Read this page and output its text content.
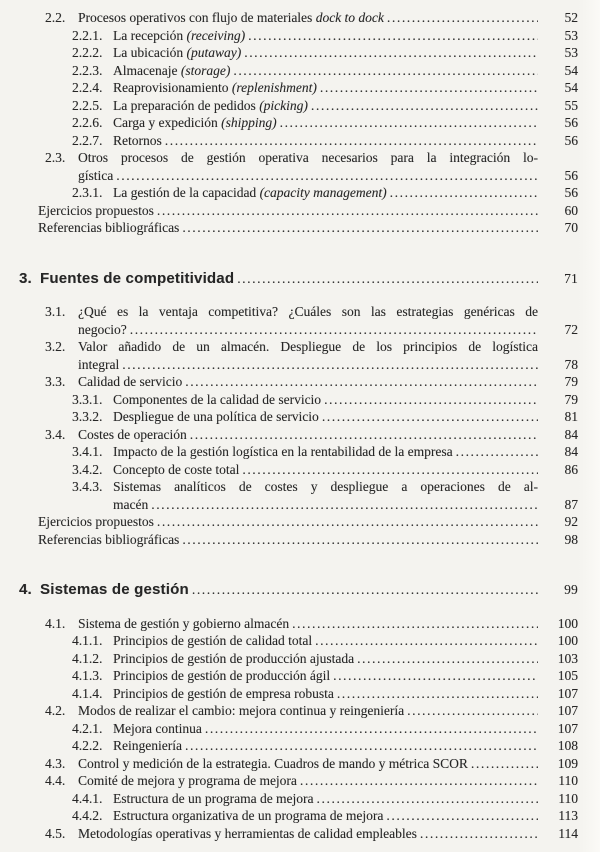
2.2. Procesos operativos con flujo de materiales dock to dock .....	52
2.2.1. La recepción (receiving) .....	53
2.2.2. La ubicación (putaway) .....	53
2.2.3. Almacenaje (storage) .....	54
2.2.4. Reaprovisionamiento (replenishment) .....	54
2.2.5. La preparación de pedidos (picking) .....	55
2.2.6. Carga y expedición (shipping) .....	56
2.2.7. Retornos .....	56
2.3. Otros procesos de gestión operativa necesarios para la integración lo-
gística .....	56
2.3.1. La gestión de la capacidad (capacity management) .....	56
Ejercicios propuestos .....	60
Referencias bibliográficas .....	70
3. Fuentes de competitividad .....	71
3.1. ¿Qué es la ventaja competitiva? ¿Cuáles son las estrategias genéricas de
negocio? .....	72
3.2. Valor añadido de un almacén. Despliegue de los principios de logística
integral .....	78
3.3. Calidad de servicio .....	79
3.3.1. Componentes de la calidad de servicio .....	79
3.3.2. Despliegue de una política de servicio .....	81
3.4. Costes de operación .....	84
3.4.1. Impacto de la gestión logística en la rentabilidad de la empresa .....	84
3.4.2. Concepto de coste total .....	86
3.4.3. Sistemas analíticos de costes y despliegue a operaciones de al-
macén .....	87
Ejercicios propuestos .....	92
Referencias bibliográficas .....	98
4. Sistemas de gestión .....	99
4.1. Sistema de gestión y gobierno almacén .....	100
4.1.1. Principios de gestión de calidad total .....	100
4.1.2. Principios de gestión de producción ajustada .....	103
4.1.3. Principios de gestión de producción ágil .....	105
4.1.4. Principios de gestión de empresa robusta .....	107
4.2. Modos de realizar el cambio: mejora continua y reingeniería .....	107
4.2.1. Mejora continua .....	107
4.2.2. Reingeniería .....	108
4.3. Control y medición de la estrategia. Cuadros de mando y métrica SCOR .....	109
4.4. Comité de mejora y programa de mejora .....	110
4.4.1. Estructura de un programa de mejora .....	110
4.4.2. Estructura organizativa de un programa de mejora .....	113
4.5. Metodologías operativas y herramientas de calidad empleables .....	114
